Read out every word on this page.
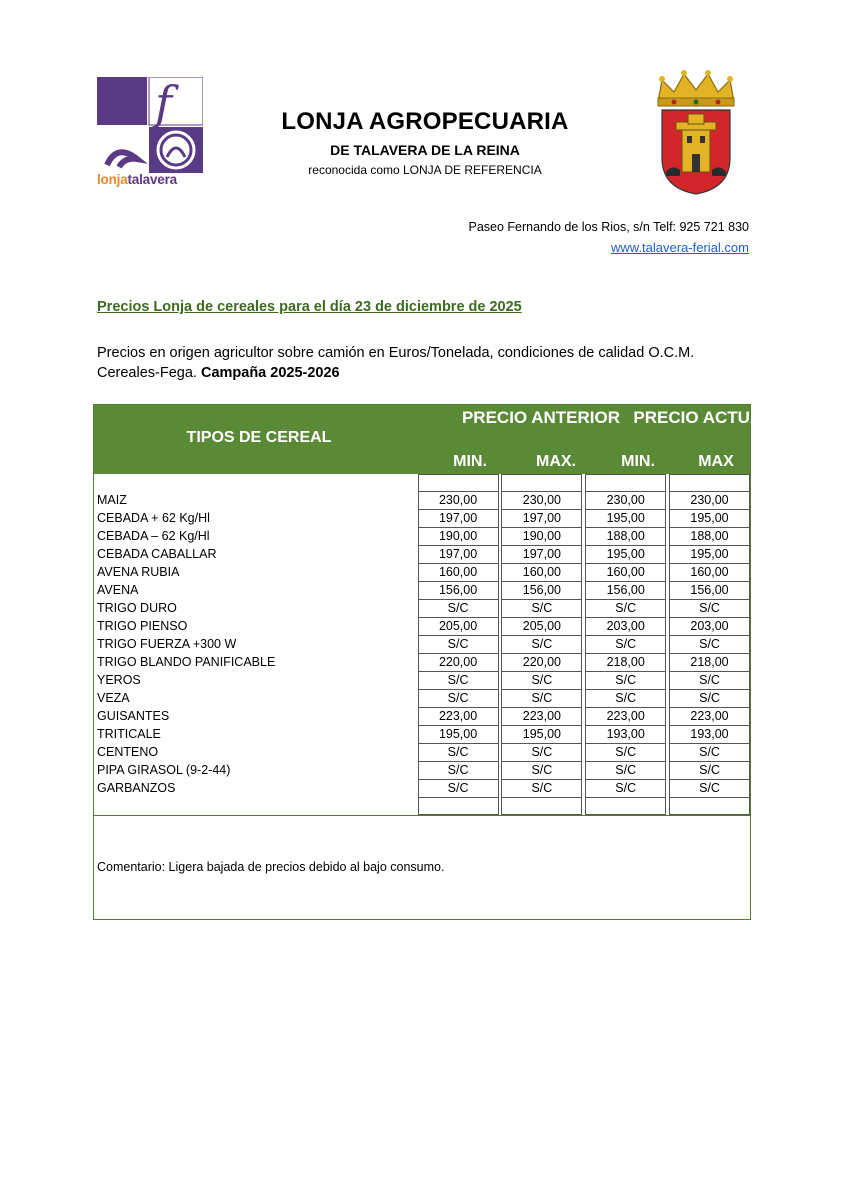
T f
lonjatalavera
LONJA AGROPECUARIA
DE TALAVERA DE LA REINA
reconocida como LONJA DE REFERENCIA
Paseo Fernando de los Rios, s/n Telf: 925 721 830
www.talavera-ferial.com
Precios Lonja de cereales para el día 23 de diciembre de 2025
Precios en origen agricultor sobre camión en Euros/Tonelada, condiciones de calidad O.C.M. Cereales-Fega. Campaña 2025-2026
TIPOS DE CEREAL
PRECIO ANTERIOR PRECIO ACTUAL
MIN.	MAX.	MIN.	MAX

MAIZ	230,00		230,00		230,00		230,00
CEBADA + 62 Kg/Hl	197,00		197,00		195,00		195,00
CEBADA – 62 Kg/Hl	190,00		190,00		188,00		188,00
CEBADA CABALLAR	197,00		197,00		195,00		195,00
AVENA RUBIA	160,00		160,00		160,00		160,00
AVENA	156,00		156,00		156,00		156,00
TRIGO DURO	S/C		S/C		S/C		S/C
TRIGO PIENSO	205,00		205,00		203,00		203,00
TRIGO FUERZA +300 W	S/C		S/C		S/C		S/C
TRIGO BLANDO PANIFICABLE	220,00		220,00		218,00		218,00
YEROS	S/C		S/C		S/C		S/C
VEZA	S/C		S/C		S/C		S/C
GUISANTES	223,00		223,00		223,00		223,00
TRITICALE	195,00		195,00		193,00		193,00
CENTENO	S/C		S/C		S/C		S/C
PIPA GIRASOL (9-2-44)	S/C		S/C		S/C		S/C
GARBANZOS	S/C		S/C		S/C		S/C

Comentario: Ligera bajada de precios debido al bajo consumo.
